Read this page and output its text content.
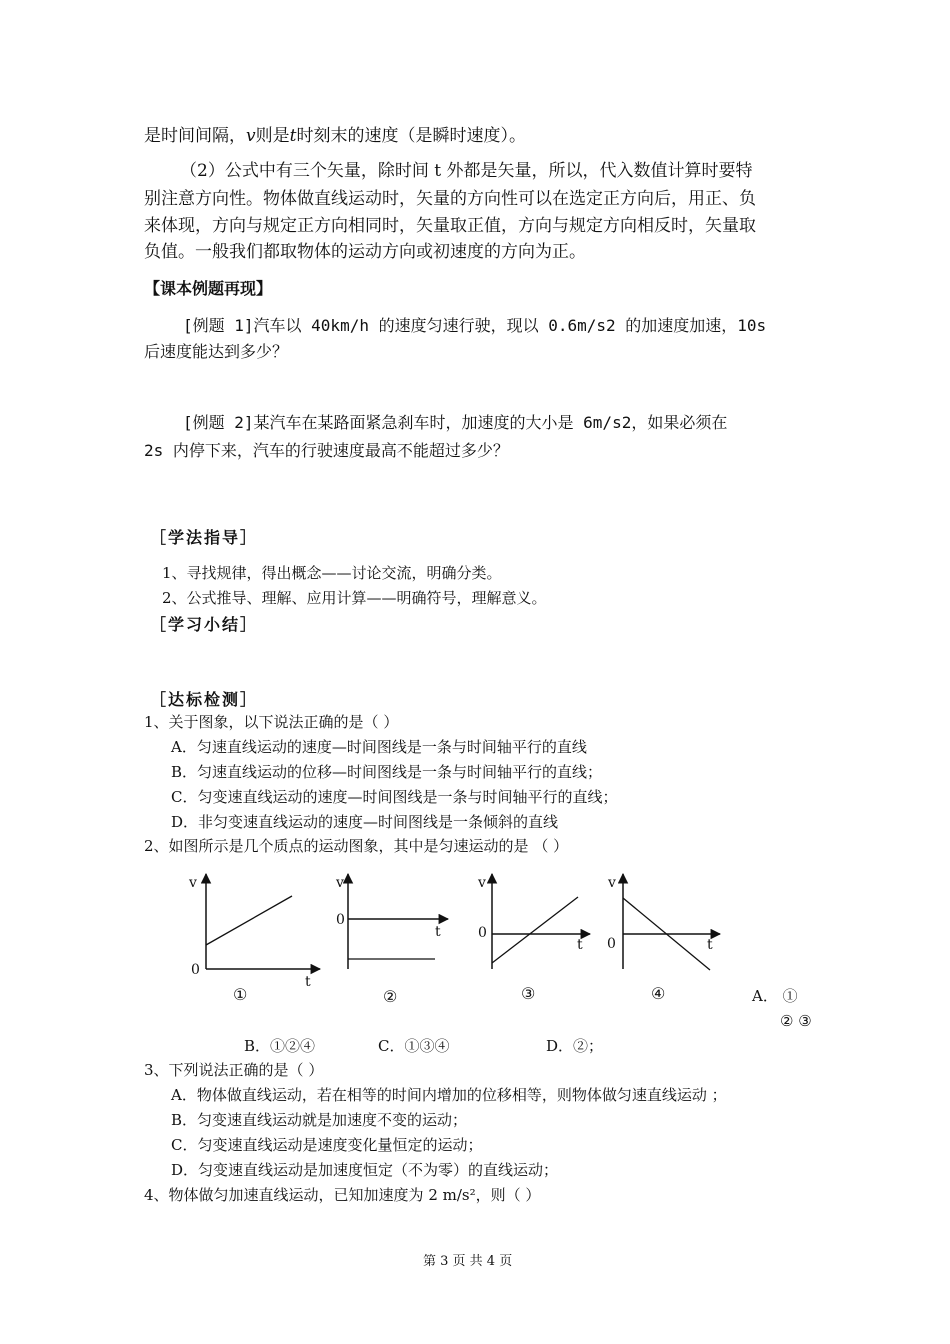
是时间间隔，v则是t时刻末的速度（是瞬时速度）。
（2）公式中有三个矢量，除时间 t 外都是矢量，所以，代入数值计算时要特
别注意方向性。物体做直线运动时，矢量的方向性可以在选定正方向后，用正、负
来体现，方向与规定正方向相同时，矢量取正值，方向与规定方向相反时，矢量取
负值。一般我们都取物体的运动方向或初速度的方向为正。
【课本例题再现】
[例题 1]汽车以 40km/h 的速度匀速行驶，现以 0.6m/s2 的加速度加速，10s
后速度能达到多少？
[例题 2]某汽车在某路面紧急刹车时，加速度的大小是 6m/s2，如果必须在
2s 内停下来，汽车的行驶速度最高不能超过多少？
［学法指导］
1、寻找规律，得出概念——讨论交流，明确分类。
2、公式推导、理解、应用计算——明确符号，理解意义。
［学习小结］
［达标检测］
1、关于图象，以下说法正确的是（ ）
A．匀速直线运动的速度—时间图线是一条与时间轴平行的直线
B．匀速直线运动的位移—时间图线是一条与时间轴平行的直线；
C．匀变速直线运动的速度—时间图线是一条与时间轴平行的直线；
D．非匀变速直线运动的速度—时间图线是一条倾斜的直线
2、如图所示是几个质点的运动图象，其中是匀速运动的是 （ ）
v
0
t
v
0
t
v
0
t
v
0	t
①	②	③	④	A． ①
② ③
B．①②④	C．①③④	D．②；
3、下列说法正确的是（ ）
A．物体做直线运动，若在相等的时间内增加的位移相等，则物体做匀速直线运动 ；
B．匀变速直线运动就是加速度不变的运动；
C．匀变速直线运动是速度变化量恒定的运动；
D．匀变速直线运动是加速度恒定（不为零）的直线运动；
4、物体做匀加速直线运动，已知加速度为 2 m/s²，则（ ）
第 3 页 共 4 页
